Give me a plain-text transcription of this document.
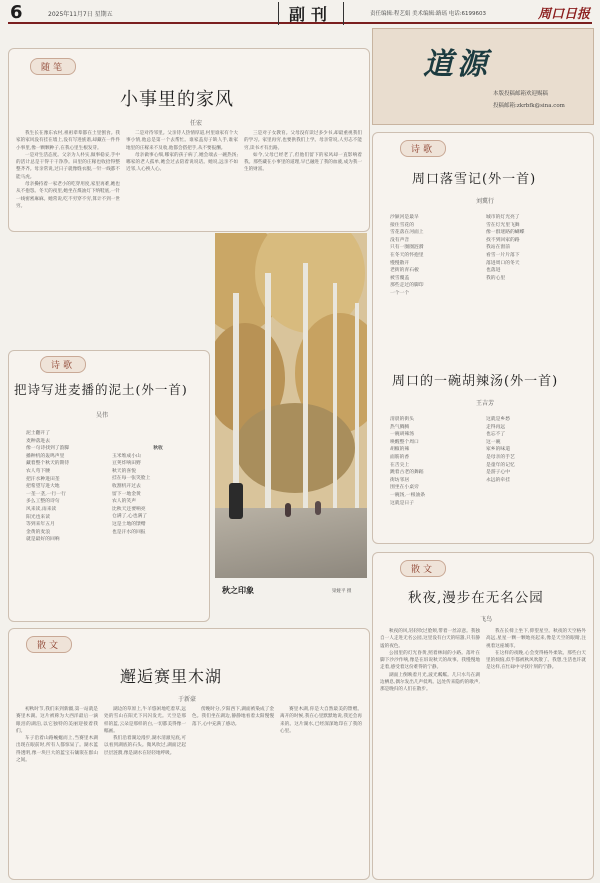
6	2025年11月7日 星期五	副刊	责任编辑:程艺娟 美术编辑:路瑶 电话:6199603	周口日报
随笔
小事里的家风
任宏

我生长在豫东农村,祖祖辈辈都在土里刨食。我家的家风没有挂在墙上,没有写进族谱,却藏在一件件小事里,像一颗颗种子,在我心里生根发芽。

一是对生活态度。父亲为人朴实,做事稳妥,手中的活计总是干得干干净净。田里的庄稼也收拾得整整齐齐。母亲常说,过日子就像缝衣服,一针一线都不能马虎。

母亲操持着一家老小的吃穿用度,家里再难,她也从不抱怨。冬天的夜里,她坐在煤油灯下纳鞋底,一针一线密密麻麻。她常说,吃不穷穿不穷,算计不到一世穷。

二是对待邻里。父亲待人热情厚道,村里谁家有个大事小情,他总是第一个去帮忙。谁家盖房子缺人手,谁家地里的庄稼来不及收,他都会搭把手,从不要报酬。

母亲做事心细,哪家的孩子病了,她会端去一碗热汤;哪家的老人孤单,她会过去陪着说说话。她说,远亲不如近邻,人心换人心。

三是对子女教育。父母没有读过多少书,却最重视我们的学习。家里再穷,也要供我们上学。母亲常说,人穷志不能穷,读书才有出路。

如今,父母已经老了,但他们留下的家风却一直影响着我。那些藏在小事里的道理,早已融进了我的血液,成为我一生的财富。

诗歌
把诗写进麦播的泥土(外一首)
吴伟
泥土翻开了
麦种落进去
像一句诗找到了韵脚
播种机的轰鸣声里
藏着整个秋天的期待
农人弯下腰
把汗水种进田垄
把希望写进大地
一垄一垄,一行一行
多么工整的诗句
风来读,雨来读
阳光也来读
等到来年五月
金黄的麦浪
就是最好的回响
秋收
玉米堆成小山
豆荚炸响田野
秋天的喜悦
挂在每一张笑脸上
收割机开过去
留下一地金黄
农人的笑声
比秋天还要响亮
仓满了,心也满了
这是土地的馈赠
也是汗水的回报
秋之印象	梁娅平 摄
道源
本版投稿邮箱欢迎赐稿
投稿邮箱:zkrbfk@sina.com
诗歌
周口落雪记(外一首)
刘冀行
沙颍河是最早
接住雪花的
雪花落在河面上
没有声音
只有一圈圈涟漪
在冬天的怀抱里
慢慢散开
老街的青石板
被雪覆盖
那些走过的脚印
一个一个
城市的灯光亮了
雪在灯光里飞舞
像一群迷路的蝴蝶
找不到回家的路
我站在窗前
看雪一片片落下
落进周口的冬天
也落进
我的心里
周口的一碗胡辣汤(外一首)
王吉芳
清晨的街头
热气腾腾
一碗胡辣汤
唤醒整个周口
胡椒的辣
面筋的香
在舌尖上
跳着古老的舞蹈
街坊邻居
围坐在小桌旁
一碗汤,一根油条
这就是日子
这就是乡愁
走得再远
也忘不了
这一碗
家乡的味道
是母亲的手艺
是童年的记忆
是游子心中
永远的牵挂
散文
秋夜,漫步在无名公园
飞鸟

秋夜的风,轻轻吹过脸颊,带着一丝凉意。我独自一人走进无名公园,这里没有白天的喧嚣,只有静谧的夜色。

公园里的灯光昏黄,照着林间的小路。落叶在脚下沙沙作响,像是在诉说秋天的故事。我慢慢地走着,感受着这份难得的宁静。

湖面上倒映着月光,波光粼粼。几只水鸟在湖边栖息,偶尔发出几声低鸣。远处传来隐约的歌声,那是晚归的人们在散步。

我在长椅上坐下,仰望星空。秋夜的天空格外高远,星星一颗一颗地亮起来,像是天空的眼睛,注视着这座城市。

在这样的夜晚,心会变得格外柔软。那些白天里的烦恼,似乎都被秋风吹散了。我想,生活也许就是这样,在忙碌中寻找片刻的宁静。

散文
邂逅赛里木湖
于新豪

初秋时节,我们来到新疆,第一站就是赛里木湖。这片被称为大西洋最后一滴眼泪的湖泊,以它独特的美丽迎接着我们。

车子沿着山路蜿蜒而上,当赛里木湖出现在眼前时,所有人都惊呆了。湖水蓝得透明,像一块巨大的蓝宝石镶嵌在群山之间。

湖边的草原上,牛羊悠闲地吃着草,远处的雪山在阳光下闪闪发光。天空是那样的蓝,云朵是那样的白,一切都美得像一幅画。

我们沿着湖边漫步,湖水清澈见底,可以看到湖底的石头。微风吹过,湖面泛起层层涟漪,像是湖水在轻轻地呼吸。

傍晚时分,夕阳西下,湖面被染成了金色。我们坐在湖边,静静地看着太阳慢慢落下,心中充满了感动。

赛里木湖,你是大自然最美的馈赠。离开的时候,我在心里默默地说,我还会再来的。这片湖水,已经深深地印在了我的心里。
